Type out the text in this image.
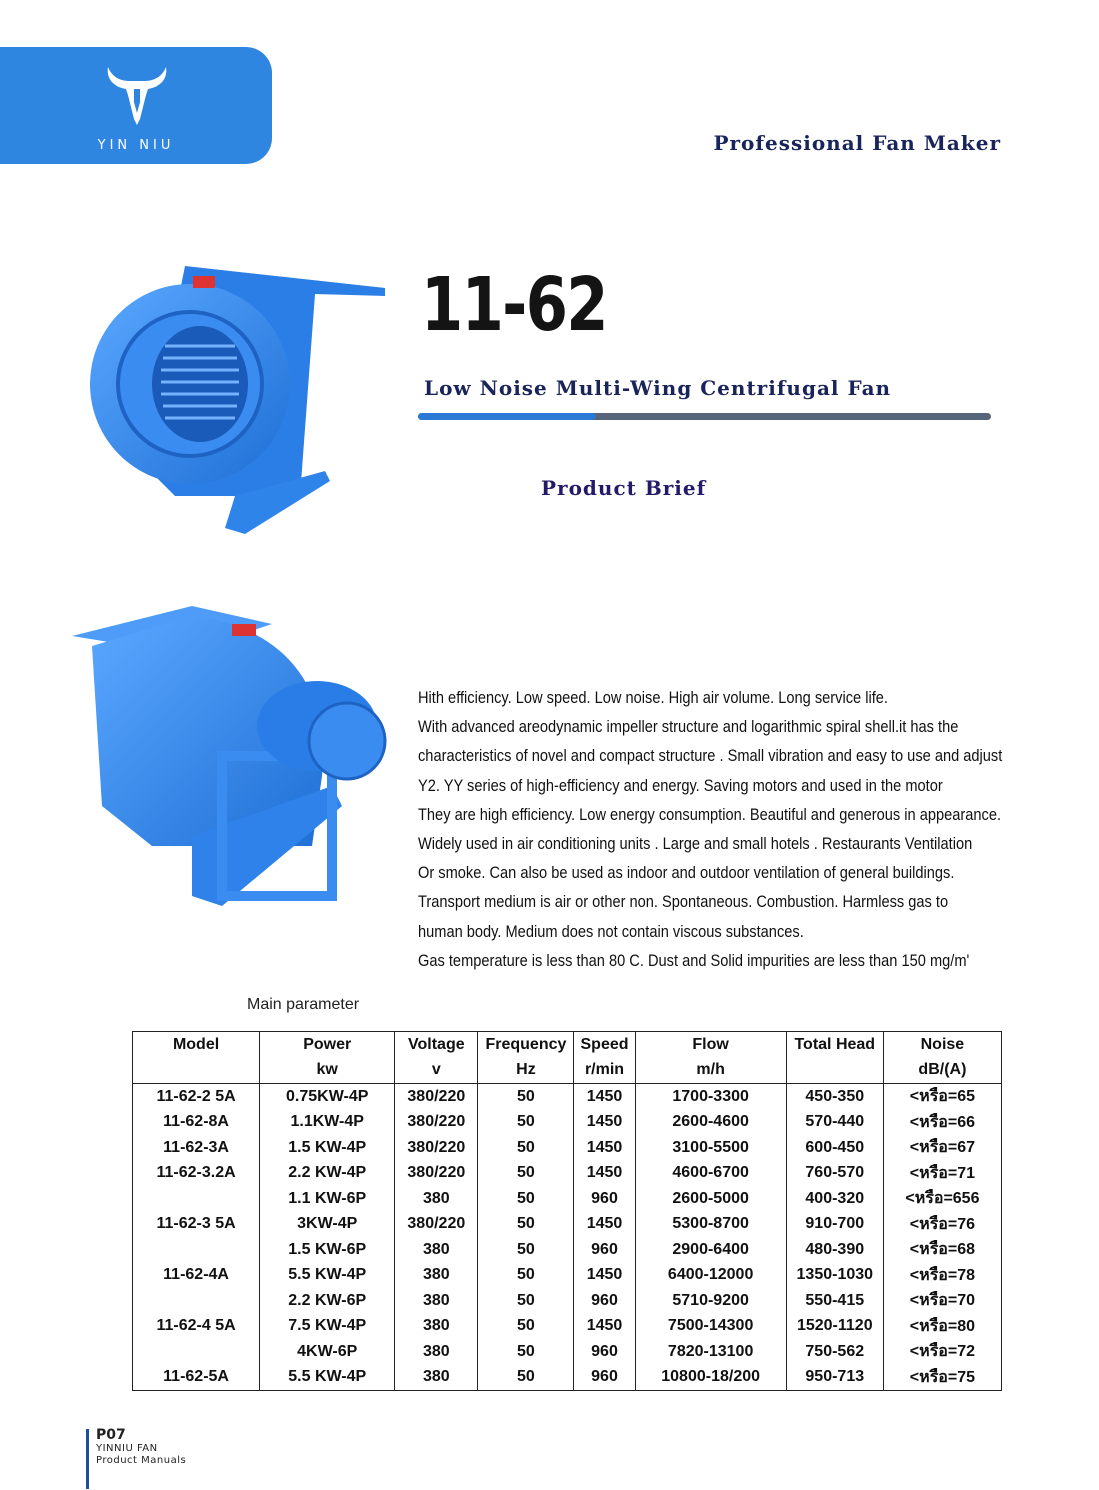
YIN NIU	Professional Fan Maker
11-62
Low Noise Multi-Wing Centrifugal Fan
Product Brief
Hith efficiency. Low speed. Low noise. High air volume. Long service life.
With advanced areodynamic impeller structure and logarithmic spiral shell.it has the
characteristics of novel and compact structure . Small vibration and easy to use and adjust
Y2. YY series of high-efficiency and energy. Saving motors and used in the motor
They are high efficiency. Low energy consumption. Beautiful and generous in appearance.
Widely used in air conditioning units . Large and small hotels . Restaurants Ventilation
Or smoke. Can also be used as indoor and outdoor ventilation of general buildings.
Transport medium is air or other non. Spontaneous. Combustion. Harmless gas to
human body. Medium does not contain viscous substances.
Gas temperature is less than 80 C. Dust and Solid impurities are less than 150 mg/m'
Main parameter
Model	Power	Voltage	Frequency	Speed	Flow	Total Head	Noise
	kw	v	Hz	r/min	m/h		dB/(A)
11-62-2 5A	0.75KW-4P	380/220	50	1450	1700-3300	450-350	<หรือ=65
11-62-8A	1.1KW-4P	380/220	50	1450	2600-4600	570-440	<หรือ=66
11-62-3A	1.5 KW-4P	380/220	50	1450	3100-5500	600-450	<หรือ=67
11-62-3.2A	2.2 KW-4P	380/220	50	1450	4600-6700	760-570	<หรือ=71
	1.1 KW-6P	380	50	960	2600-5000	400-320	<หรือ=656
11-62-3 5A	3KW-4P	380/220	50	1450	5300-8700	910-700	<หรือ=76
	1.5 KW-6P	380	50	960	2900-6400	480-390	<หรือ=68
11-62-4A	5.5 KW-4P	380	50	1450	6400-12000	1350-1030	<หรือ=78
	2.2 KW-6P	380	50	960	5710-9200	550-415	<หรือ=70
11-62-4 5A	7.5 KW-4P	380	50	1450	7500-14300	1520-1120	<หรือ=80
	4KW-6P	380	50	960	7820-13100	750-562	<หรือ=72
11-62-5A	5.5 KW-4P	380	50	960	10800-18/200	950-713	<หรือ=75
P07
YINNIU FAN
Product Manuals
